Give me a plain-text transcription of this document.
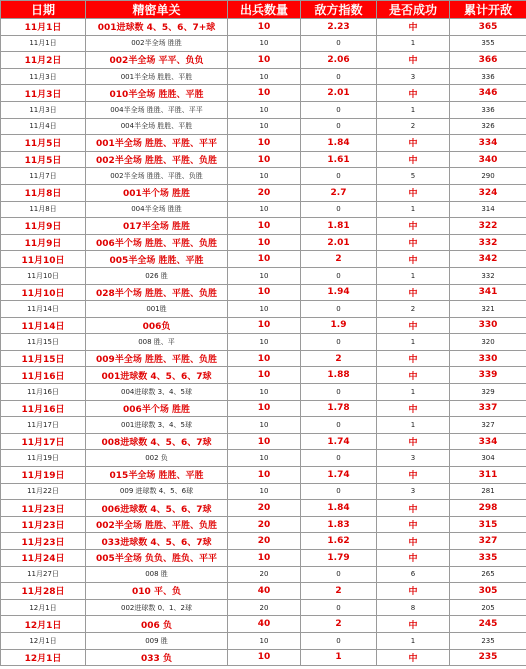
日期	精密单关	出兵数量	敌方指数	是否成功	累计开敌
11月1日	001进球数 4、5、6、7+球	10	2.23	中	365
11月1日	002半全场 胜胜	10	0	1	355
11月2日	002半全场 平平、负负	10	2.06	中	366
11月3日	001半全场 胜胜、平胜	10	0	3	336
11月3日	010半全场 胜胜、平胜	10	2.01	中	346
11月3日	004半全场 胜胜、平胜、平平	10	0	1	336
11月4日	004半全场 胜胜、平胜	10	0	2	326
11月5日	001半全场 胜胜、平胜、平平	10	1.84	中	334
11月5日	002半全场 胜胜、平胜、负胜	10	1.61	中	340
11月7日	002半全场 胜胜、平胜、负胜	10	0	5	290
11月8日	001半个场 胜胜	20	2.7	中	324
11月8日	004半全场 胜胜	10	0	1	314
11月9日	017半全场 胜胜	10	1.81	中	322
11月9日	006半个场 胜胜、平胜、负胜	10	2.01	中	332
11月10日	005半全场 胜胜、平胜	10	2	中	342
11月10日	026 胜	10	0	1	332
11月10日	028半个场 胜胜、平胜、负胜	10	1.94	中	341
11月14日	001胜	10	0	2	321
11月14日	006负	10	1.9	中	330
11月15日	008 胜、平	10	0	1	320
11月15日	009半全场 胜胜、平胜、负胜	10	2	中	330
11月16日	001进球数 4、5、6、7球	10	1.88	中	339
11月16日	004进球数 3、4、5球	10	0	1	329
11月16日	006半个场 胜胜	10	1.78	中	337
11月17日	001进球数 3、4、5球	10	0	1	327
11月17日	008进球数 4、5、6、7球	10	1.74	中	334
11月19日	002 负	10	0	3	304
11月19日	015半全场 胜胜、平胜	10	1.74	中	311
11月22日	009 进球数 4、5、6球	10	0	3	281
11月23日	006进球数 4、5、6、7球	20	1.84	中	298
11月23日	002半全场 胜胜、平胜、负胜	20	1.83	中	315
11月23日	033进球数 4、5、6、7球	20	1.62	中	327
11月24日	005半全场 负负、胜负、平平	10	1.79	中	335
11月27日	008 胜	20	0	6	265
11月28日	010 平、负	40	2	中	305
12月1日	002进球数 0、1、2球	20	0	8	205
12月1日	006 负	40	2	中	245
12月1日	009 胜	10	0	1	235
12月1日	033 负	10	1	中	235
